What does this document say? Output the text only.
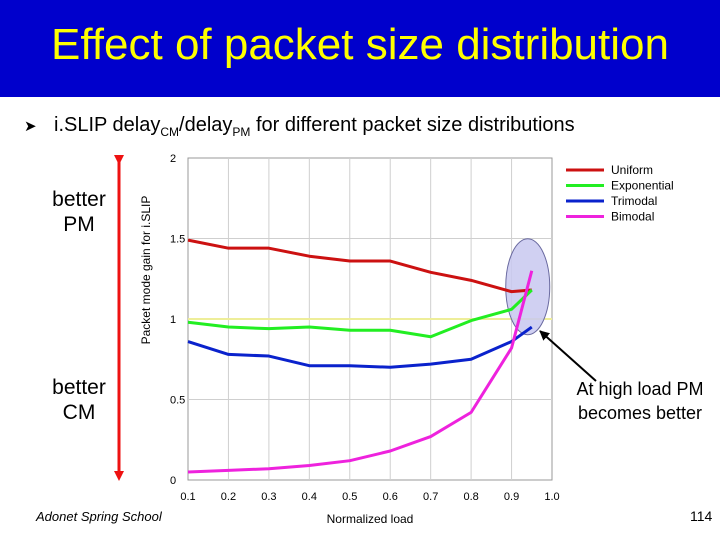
Effect of packet size distribution
➤ i.SLIP delay$_{CM}$/delay$_{PM}$ for different packet size distributions
better PM
better CM
Packet mode gain for i.SLIP
0.1 0.2 0.3 0.4 0.5 0.6 0.7 0.8 0.9 1.0
0
0.5
1
1.5
2
Uniform
Exponential
Trimodal
Bimodal
Normalized load
At high load PM becomes better
Adonet Spring School	114
